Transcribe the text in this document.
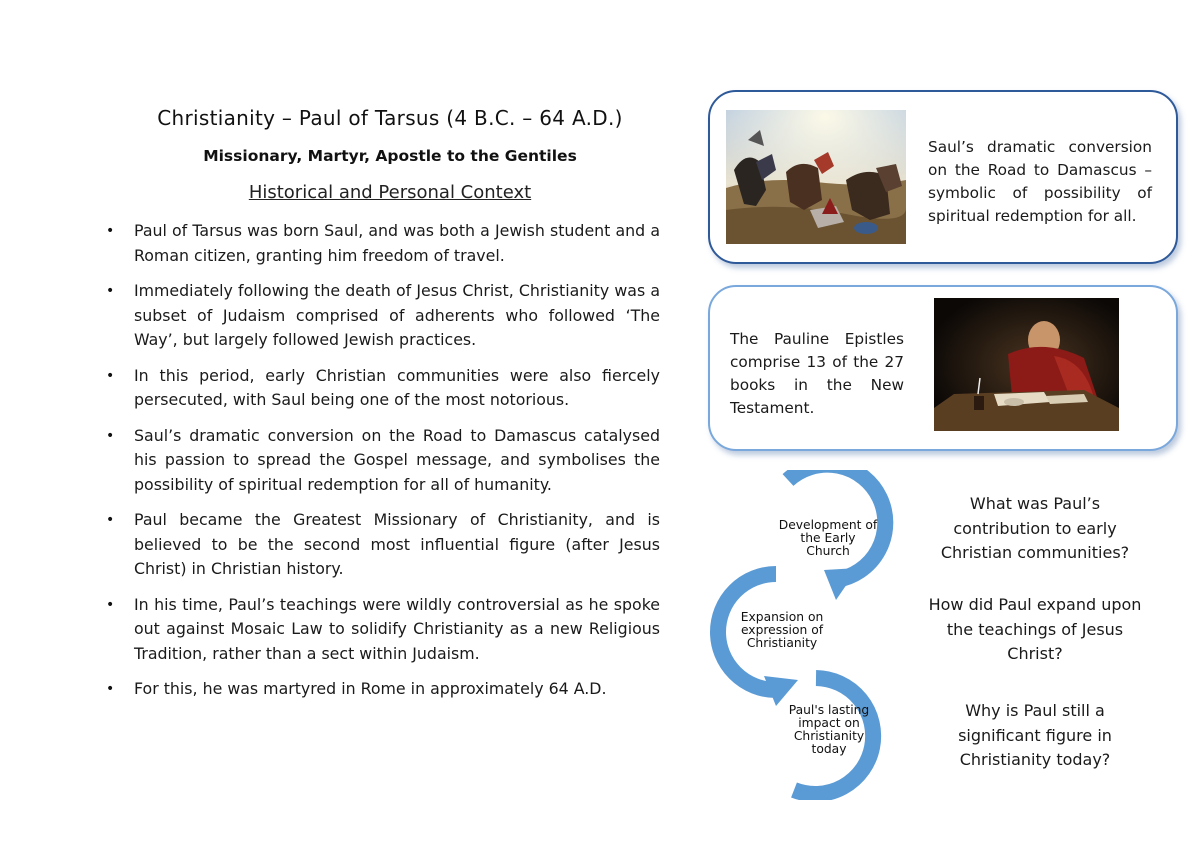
Christianity – Paul of Tarsus (4 B.C. – 64 A.D.)
Missionary, Martyr, Apostle to the Gentiles
Historical and Personal Context
• Paul of Tarsus was born Saul, and was both a Jewish student and a Roman citizen, granting him freedom of travel.
• Immediately following the death of Jesus Christ, Christianity was a subset of Judaism comprised of adherents who followed ‘The Way’, but largely followed Jewish practices.
• In this period, early Christian communities were also fiercely persecuted, with Saul being one of the most notorious.
• Saul’s dramatic conversion on the Road to Damascus catalysed his passion to spread the Gospel message, and symbolises the possibility of spiritual redemption for all of humanity.
• Paul became the Greatest Missionary of Christianity, and is believed to be the second most influential figure (after Jesus Christ) in Christian history.
• In his time, Paul’s teachings were wildly controversial as he spoke out against Mosaic Law to solidify Christianity as a new Religious Tradition, rather than a sect within Judaism.
• For this, he was martyred in Rome in approximately 64 A.D.
Saul’s dramatic conversion on the Road to Damascus – symbolic of possibility of spiritual redemption for all.
The Pauline Epistles comprise 13 of the 27 books in the New Testament.
Development of the Early Church
Expansion on expression of Christianity
Paul's lasting impact on Christianity today
What was Paul’s contribution to early Christian communities?
How did Paul expand upon the teachings of Jesus Christ?
Why is Paul still a significant figure in Christianity today?
